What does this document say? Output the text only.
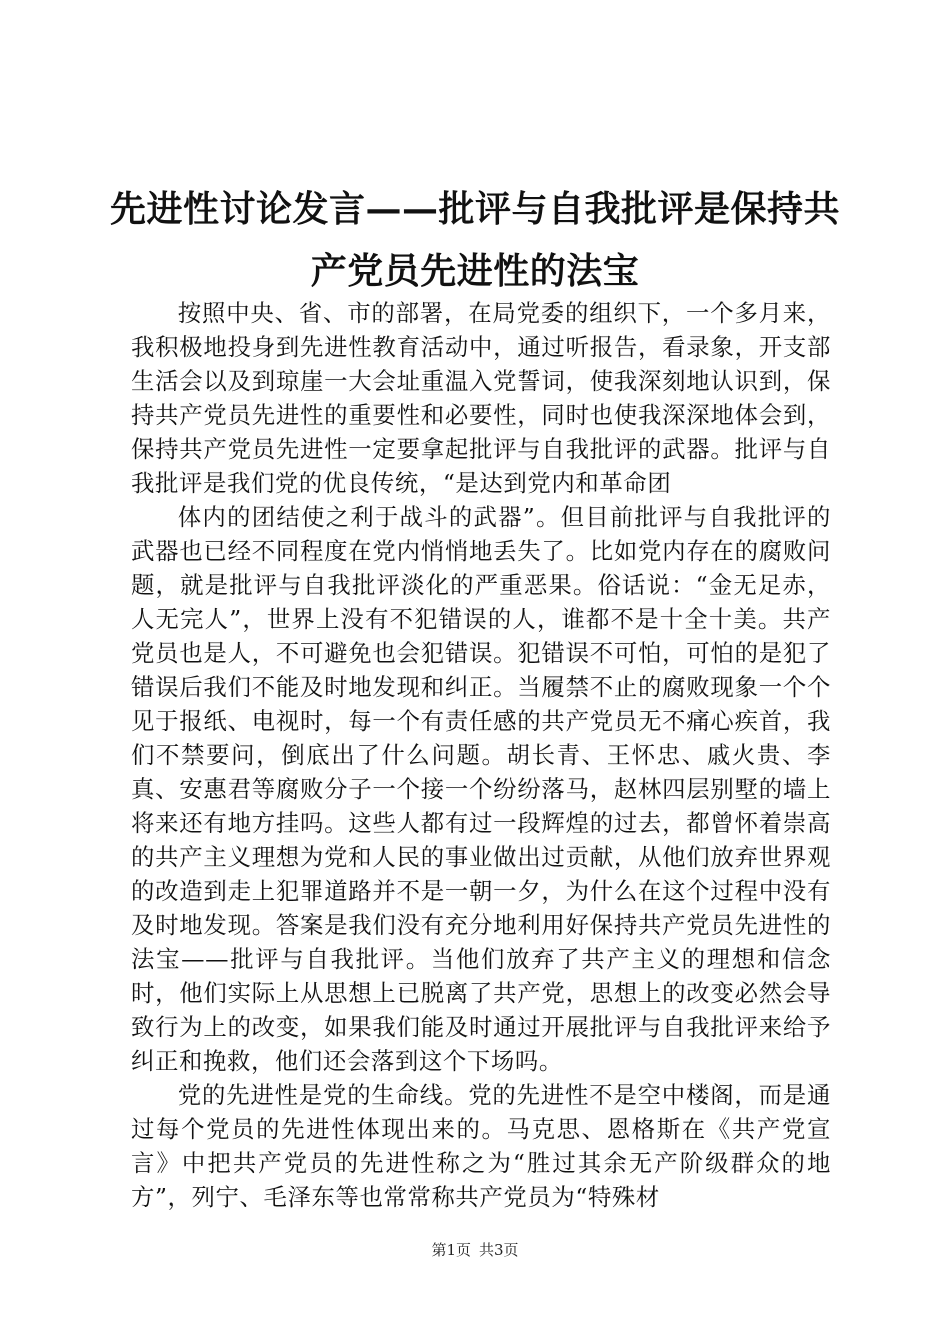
先进性讨论发言——批评与自我批评是保持共产党员先进性的法宝

按照中央、省、市的部署，在局党委的组织下，一个多月来，我积极地投身到先进性教育活动中，通过听报告，看录象，开支部生活会以及到琼崖一大会址重温入党誓词，使我深刻地认识到，保持共产党员先进性的重要性和必要性，同时也使我深深地体会到，保持共产党员先进性一定要拿起批评与自我批评的武器。批评与自我批评是我们党的优良传统，“是达到党内和革命团

体内的团结使之利于战斗的武器”。但目前批评与自我批评的武器也已经不同程度在党内悄悄地丢失了。比如党内存在的腐败问题，就是批评与自我批评淡化的严重恶果。俗话说：“金无足赤，人无完人”，世界上没有不犯错误的人，谁都不是十全十美。共产党员也是人，不可避免也会犯错误。犯错误不可怕，可怕的是犯了错误后我们不能及时地发现和纠正。当履禁不止的腐败现象一个个见于报纸、电视时，每一个有责任感的共产党员无不痛心疾首，我们不禁要问，倒底出了什么问题。胡长青、王怀忠、戚火贵、李真、安惠君等腐败分子一个接一个纷纷落马，赵林四层别墅的墙上将来还有地方挂吗。这些人都有过一段辉煌的过去，都曾怀着崇高的共产主义理想为党和人民的事业做出过贡献，从他们放弃世界观的改造到走上犯罪道路并不是一朝一夕，为什么在这个过程中没有及时地发现。答案是我们没有充分地利用好保持共产党员先进性的法宝——批评与自我批评。当他们放弃了共产主义的理想和信念时，他们实际上从思想上已脱离了共产党，思想上的改变必然会导致行为上的改变，如果我们能及时通过开展批评与自我批评来给予纠正和挽救，他们还会落到这个下场吗。

党的先进性是党的生命线。党的先进性不是空中楼阁，而是通过每个党员的先进性体现出来的。马克思、恩格斯在《共产党宣言》中把共产党员的先进性称之为“胜过其余无产阶级群众的地方”，列宁、毛泽东等也常常称共产党员为“特殊材

第1页 共3页
